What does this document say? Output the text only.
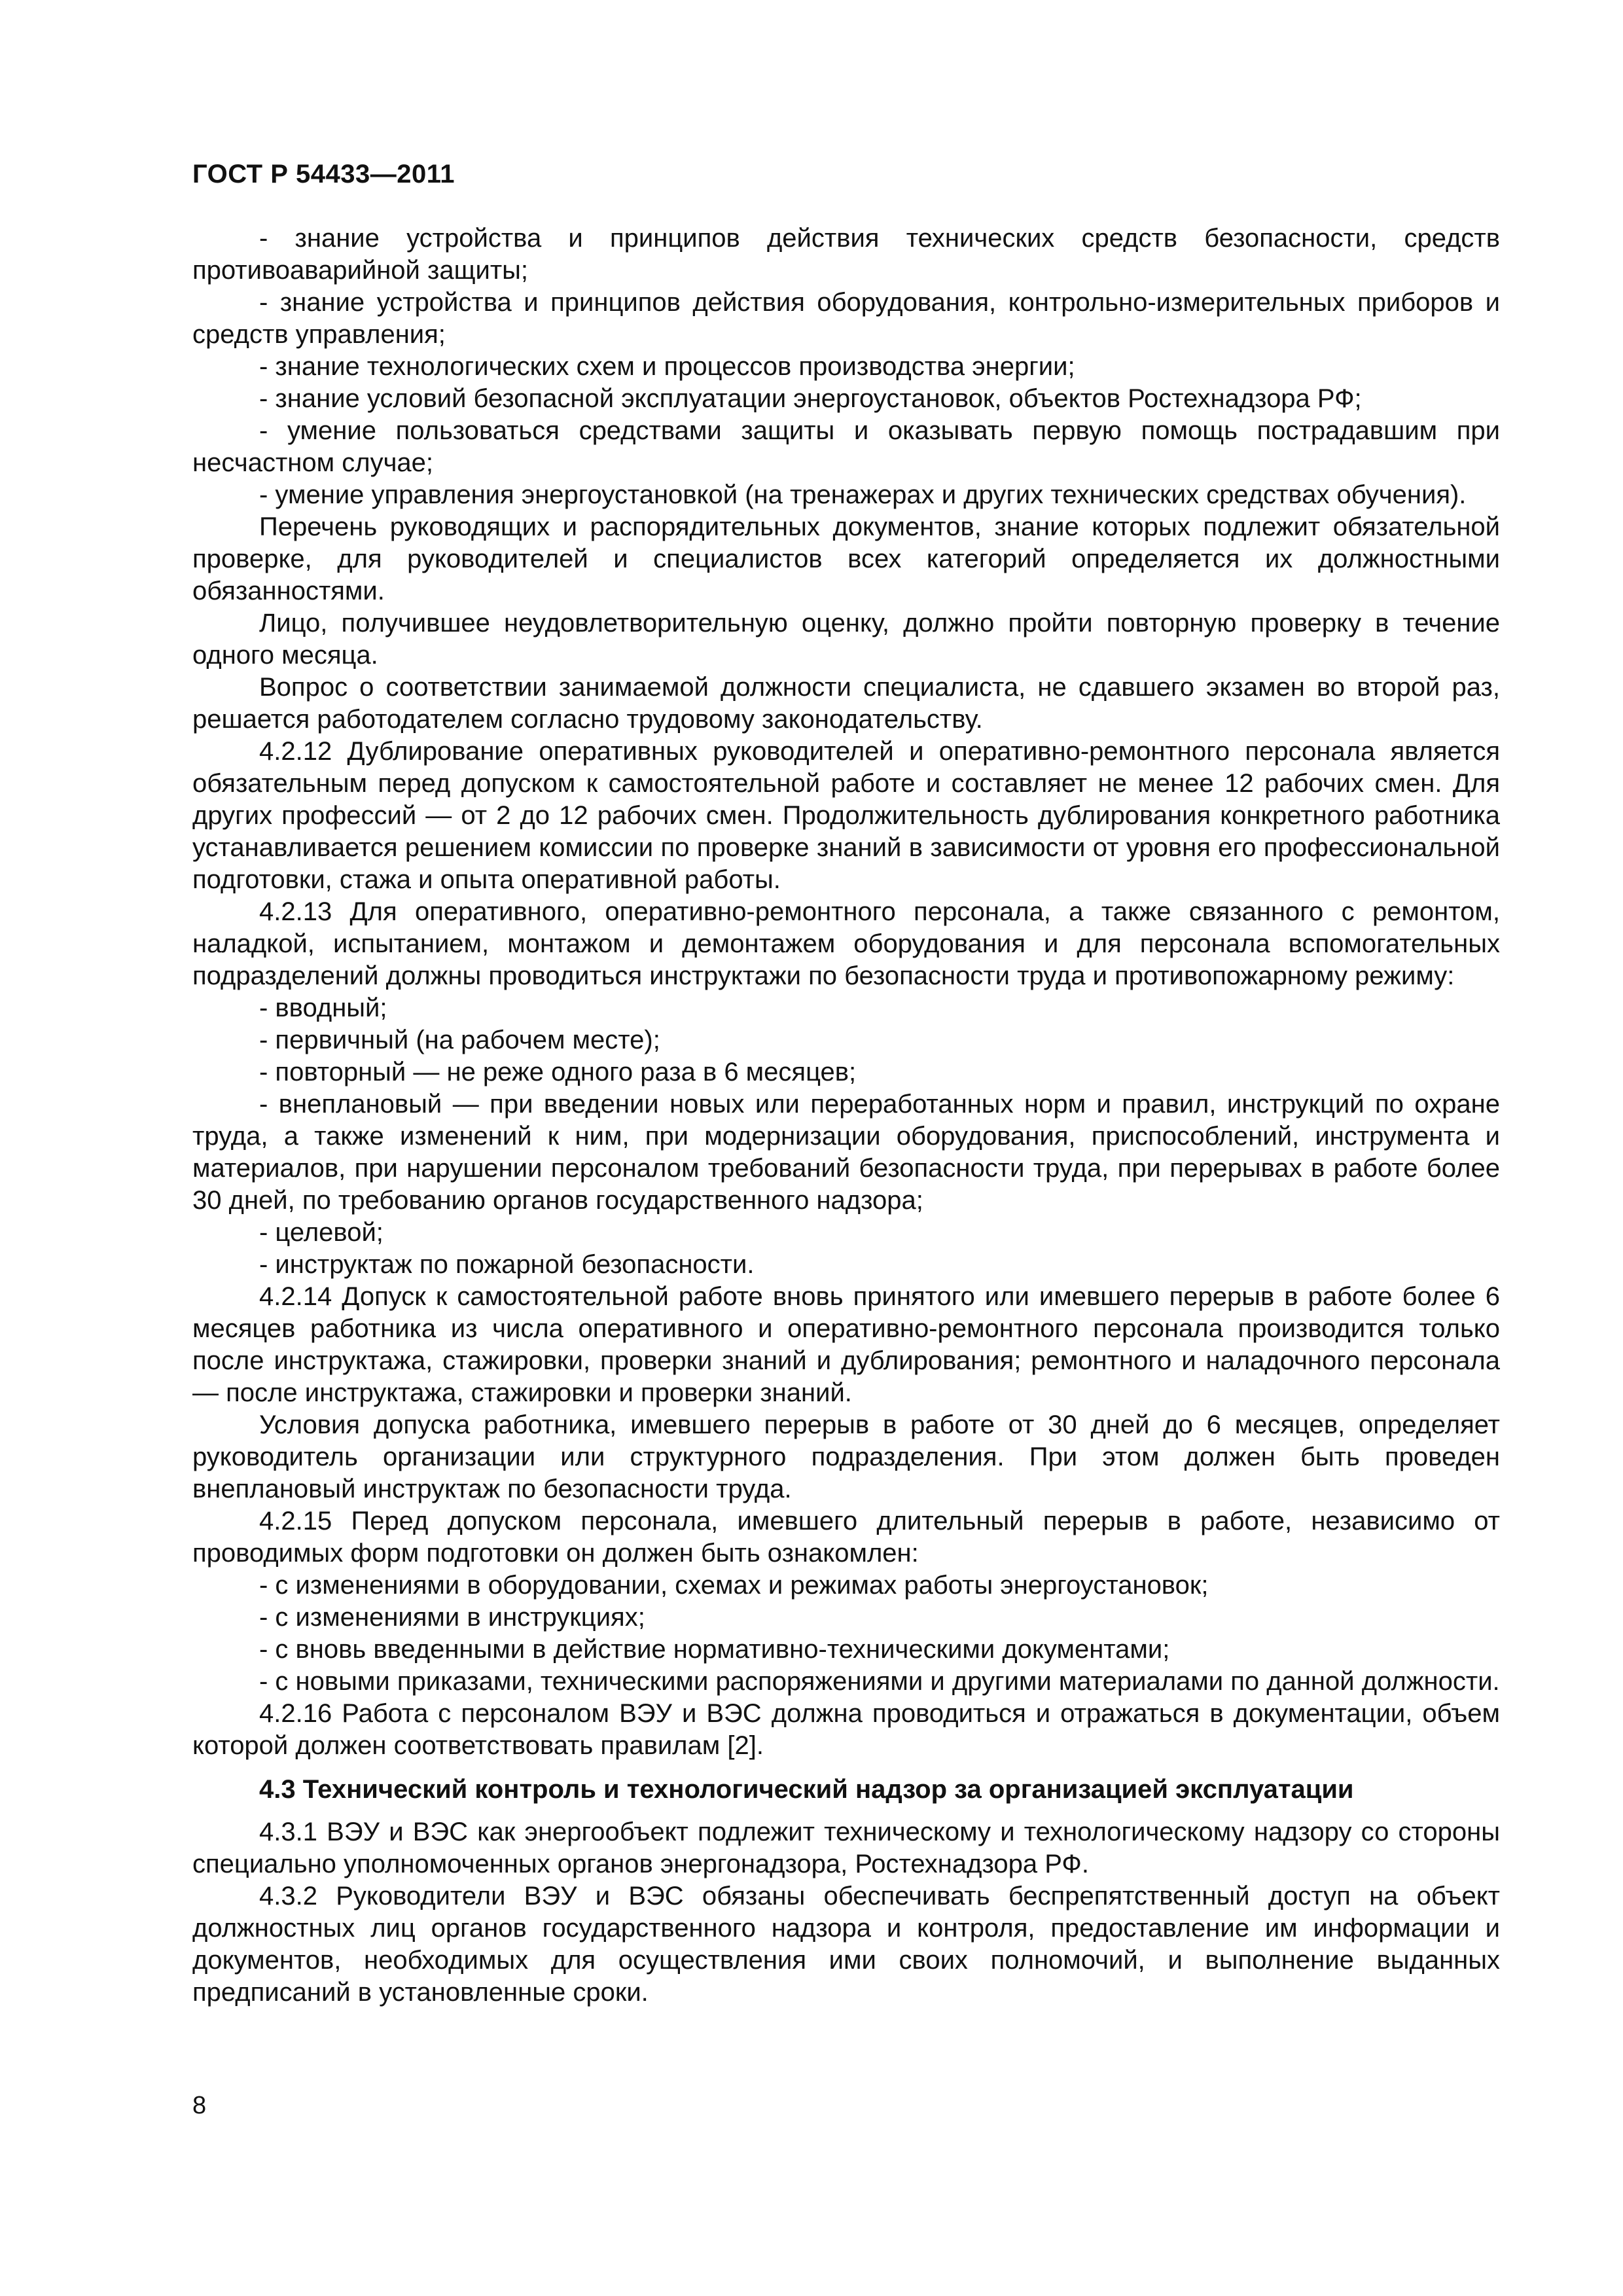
ГОСТ Р 54433—2011

- знание устройства и принципов действия технических средств безопасности, средств противоаварийной защиты;

- знание устройства и принципов действия оборудования, контрольно-измерительных приборов и средств управления;

- знание технологических схем и процессов производства энергии;

- знание условий безопасной эксплуатации энергоустановок, объектов Ростехнадзора РФ;

- умение пользоваться средствами защиты и оказывать первую помощь пострадавшим при несчастном случае;

- умение управления энергоустановкой (на тренажерах и других технических средствах обучения).

Перечень руководящих и распорядительных документов, знание которых подлежит обязательной проверке, для руководителей и специалистов всех категорий определяется их должностными обязанностями.

Лицо, получившее неудовлетворительную оценку, должно пройти повторную проверку в течение одного месяца.

Вопрос о соответствии занимаемой должности специалиста, не сдавшего экзамен во второй раз, решается работодателем согласно трудовому законодательству.

4.2.12 Дублирование оперативных руководителей и оперативно-ремонтного персонала является обязательным перед допуском к самостоятельной работе и составляет не менее 12 рабочих смен. Для других профессий — от 2 до 12 рабочих смен. Продолжительность дублирования конкретного работника устанавливается решением комиссии по проверке знаний в зависимости от уровня его профессиональной подготовки, стажа и опыта оперативной работы.

4.2.13 Для оперативного, оперативно-ремонтного персонала, а также связанного с ремонтом, наладкой, испытанием, монтажом и демонтажем оборудования и для персонала вспомогательных подразделений должны проводиться инструктажи по безопасности труда и противопожарному режиму:

- вводный;

- первичный (на рабочем месте);

- повторный — не реже одного раза в 6 месяцев;

- внеплановый — при введении новых или переработанных норм и правил, инструкций по охране труда, а также изменений к ним, при модернизации оборудования, приспособлений, инструмента и материалов, при нарушении персоналом требований безопасности труда, при перерывах в работе более 30 дней, по требованию органов государственного надзора;

- целевой;

- инструктаж по пожарной безопасности.

4.2.14 Допуск к самостоятельной работе вновь принятого или имевшего перерыв в работе более 6 месяцев работника из числа оперативного и оперативно-ремонтного персонала производится только после инструктажа, стажировки, проверки знаний и дублирования; ремонтного и наладочного персонала — после инструктажа, стажировки и проверки знаний.

Условия допуска работника, имевшего перерыв в работе от 30 дней до 6 месяцев, определяет руководитель организации или структурного подразделения. При этом должен быть проведен внеплановый инструктаж по безопасности труда.

4.2.15 Перед допуском персонала, имевшего длительный перерыв в работе, независимо от проводимых форм подготовки он должен быть ознакомлен:

- с изменениями в оборудовании, схемах и режимах работы энергоустановок;

- с изменениями в инструкциях;

- с вновь введенными в действие нормативно-техническими документами;

- с новыми приказами, техническими распоряжениями и другими материалами по данной должности.

4.2.16 Работа с персоналом ВЭУ и ВЭС должна проводиться и отражаться в документации, объем которой должен соответствовать правилам [2].

4.3 Технический контроль и технологический надзор за организацией эксплуатации

4.3.1 ВЭУ и ВЭС как энергообъект подлежит техническому и технологическому надзору со стороны специально уполномоченных органов энергонадзора, Ростехнадзора РФ.

4.3.2 Руководители ВЭУ и ВЭС обязаны обеспечивать беспрепятственный доступ на объект должностных лиц органов государственного надзора и контроля, предоставление им информации и документов, необходимых для осуществления ими своих полномочий, и выполнение выданных предписаний в установленные сроки.

8
